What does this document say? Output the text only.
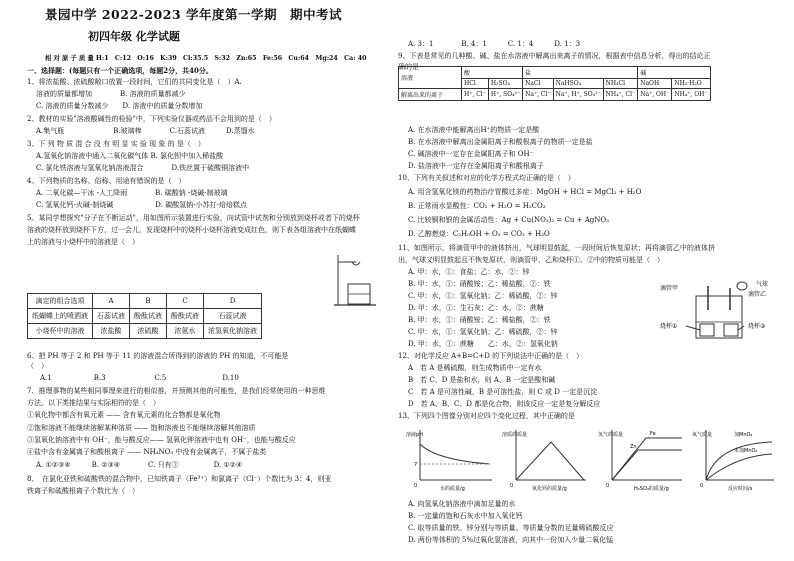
景园中学 2022-2023 学年度第一学期　期中考试
初四年级 化学试题
相 对 原 子 质 量 H:1　C:12　O:16　K:39　Cl:35.5　S:32　Zn:65　Fe:56　Cu:64　Mg:24　Ca: 40
一、选择题：(每题只有一个正确选项，每题2分，共40分。
1、将浓盐酸、浓硫酸敞口放置一段时间，它们的共同变化是（　）A.
溶液的质量都增加　　　　B. 溶液的质量都减少
C. 溶液的质量分数减少　　D. 溶液中的质量分数增加
2、教材的实验"溶液酸碱性的检验"中，下列实验仪器或药品不会用到的是（　）
A.集气瓶　　　　　　　B.玻璃棒　　　　C.石蕊试液　　　D.蒸馏水
3、下 列 物 质 混 合 没 有 明 显 实 验 现 象 的 是（　）
A.氢氧化钠溶液中通入二氧化碳气体 B. 氯化钡中加入稀盐酸
C. 氯化铁溶液与氢氧化钠溶液混合　　　　D.铁丝置于硫酸铜溶液中
4、下列物质的名称、俗称、用途有错误的是（　）
A. 二氧化碳—干冰 -人工降雨　　　　B. 碳酸钠 -烧碱-制玻璃
C. 氢氧化钙-火碱-制烧碱　　　　　　D. 碳酸氢钠-小苏打-焙焙糕点
5、某同学想探究"分子在不断运动"，用如图所示装置进行实验，向试管中试剂和分别放到烧杯或者下的烧杯
溶液的烧杯放到烧杯下方，过一会儿，发现烧杯中的烧杯小烧杯溶液变成红色，则下表各组溶液中在纸蝴蝶
上的溶液与小烧杯中的溶液是（　）
滴定的组合选项	A	B	C	D
纸蝴蝶上的喷洒液	石蕊试液	酚酞试液	酚酞试液	石蕊试液
小烧杯中的溶液	浓盐酸	浓硫酸	浓氨水	浓氢氧化钠溶液
6、把 PH 等于 2 和 PH 等于 11 的溶液混合所得到的溶液的 PH 的知道，不可能是
（　）
A.1　　　　　　B.3　　　　　　　C.5　　　　　　　　D.10
7、推理事物的某些相同事理来进行的相似推，并预测其他的可能性，是我们经常使用的一种思维
方法。以下类推结果与实际相符的是（　）
①氧化物中都含有氧元素 —— 含有氧元素的化合物都是氧化物
②饱和溶液不能继续溶解某种溶质 —— 饱和溶液也不能继续溶解其他溶质
③氢氧化钠溶液中有 OH⁻，能与酸反应—— 氢氧化钾溶液中也有 OH⁻，也能与酸反应
④盐中含有金属离子和酸根离子 —— NH₄NO₃ 中没有金属离子，不属于盐类
A. ①②③④　　　B. ②③④　　　　C. 只有③　　　　　D. ①②④
8、　在氯化亚铁和硫酸铁的混合物中，已知铁离子（Fe³⁺）和氯离子（Cl⁻）个数比为 3：4，则亚
铁离子和硫酸根离子个数比为（　）
A. 3：1　　　　B. 4：1　　　C. 1：4　　　D. 1：3
9、下表是常见的几种酸、碱、盐在水溶液中解离出来离子的情况，根据表中信息分析，得出的结论正
确的是
溶液	酸		盐			碱	
	HCl	H₂SO₄	NaCl	NaHSO₄	NH₄Cl	NaOH	NH₃·H₂O
解离出来的离子	H⁺, Cl⁻	H⁺, SO₄²⁻	Na⁺, Cl⁻	Na⁺, H⁺, SO₄²⁻	NH₄⁺, Cl⁻	Na⁺, OH⁻	NH₄⁺, OH⁻
A. 在水溶液中能解离出H⁺的物质一定是酸
B. 在水溶液中解离出金属阳离子和酸根离子的物质一定是盐
C. 碱溶液中一定存在金属阳离子和 OH⁻
D. 盐溶液中一定存在金属阳离子和酸根离子
10、下列有关叙述和对应的化学方程式均正确的是（　）
A. 用含氢氧化镁的药物治疗胃酸过多症：MgOH + HCl = MgCl₂ + H₂O
B. 正常雨水显酸性：CO₂ + H₂O = H₂CO₃
C. 比较铜和银的金属活动性：Ag + Cu(NO₃)₂ = Cu + AgNO₃
D. 乙醇燃烧：C₂H₅OH + O₂ = CO₂ + H₂O
11、如图所示，将滴管甲中的液体挤出，气球明显鼓起，一段时间后恢复原状；再将滴管乙中的液体挤
出，气球又明显鼓起且不恢复原状，则滴管甲、乙和烧杯①、②中的物质可能是（　）
A. 甲：水，①：食盐；乙：水，②：锌
B. 甲：水，①：硝酸铵；乙：稀盐酸，②：铁
C. 甲：水，①：氢氧化钠；乙：稀硫酸，②：锌
D. 甲：水，①：生石灰；乙：水，②：蔗糖
B. 甲：水，①：硝酸铵；乙：稀盐酸，②：铁
C. 甲：水，①：氢氧化钠；乙：稀硫酸，②：锌
D. 甲：水，①：蔗糖　　乙：水，②：氢氧化钠
12、对化学反应 A+B=C+D 的下列说法中正确的是（　）
A　若 A 是稀硫酸，则生成物质中一定有水
B　若 C、D 是盐和水，则 A、B 一定是酸和碱
C　若 A 是可溶性碱，B 是可溶性盐，则 C 或 D 一定是沉淀
D　若 A、B、C、D 都是化合物，则该反应一定是复分解反应
13、下列四个图像分别对应四个变化过程，其中正确的是
烧杯①	烧杯②
滴管甲
滴管乙
气球
溶液pH
7
0	水的质量/g
溶质的质量
0	氧化钙的质量/g
Fe
Zn
氢气的质量
0	H₂SO₄的质量/g
加MnO₂
未加MnO₂
氧气质量
0	反应时间/s
A. 向氢氧化钠溶液中滴加足量的水
B. 一定量的饱和石灰水中加入氧化钙
C. 取等质量的铁、锌分别与等质量、等质量分数的足量稀硫酸反应
D. 两份等体积的 5%过氧化氢溶液，向其中一份加入少量二氧化锰
